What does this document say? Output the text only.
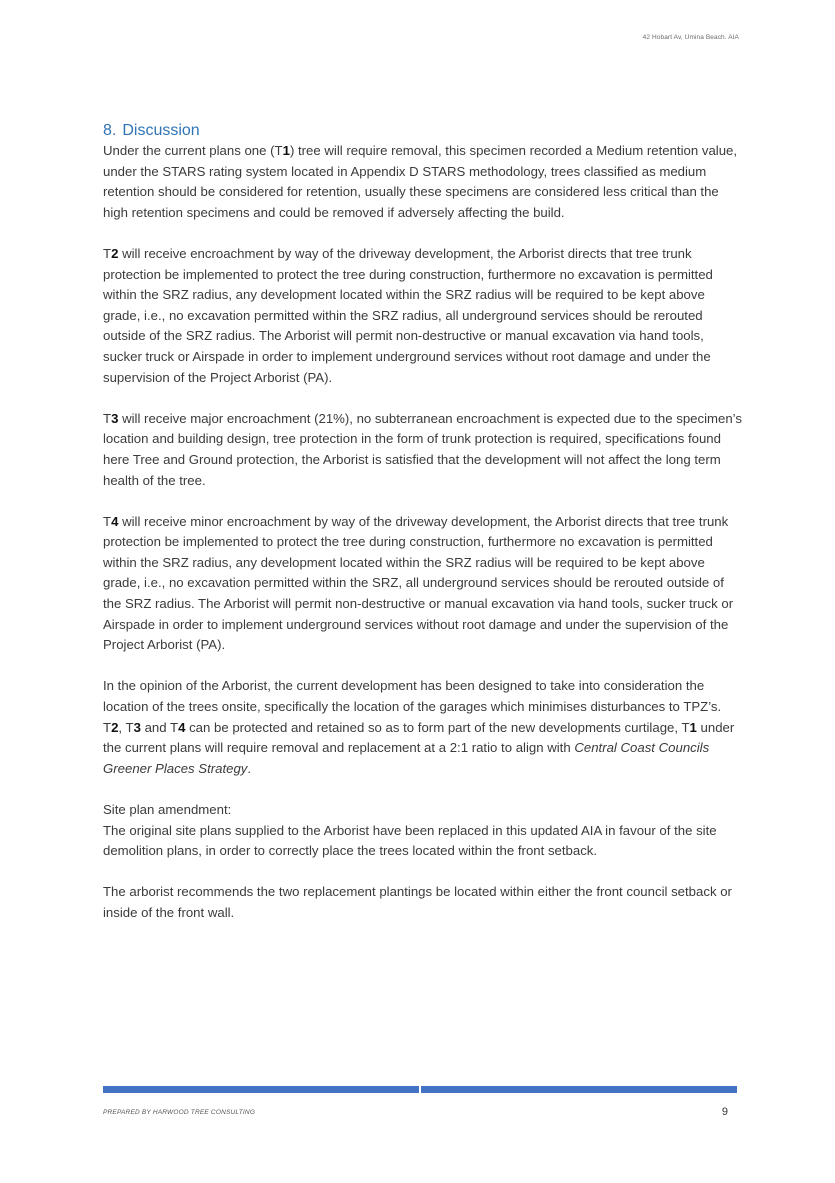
42 Hobart Av, Umina Beach. AIA
8. Discussion

Under the current plans one (T1) tree will require removal, this specimen recorded a Medium retention value, under the STARS rating system located in Appendix D STARS methodology, trees classified as medium retention should be considered for retention, usually these specimens are considered less critical than the high retention specimens and could be removed if adversely affecting the build.

T2 will receive encroachment by way of the driveway development, the Arborist directs that tree trunk protection be implemented to protect the tree during construction, furthermore no excavation is permitted within the SRZ radius, any development located within the SRZ radius will be required to be kept above grade, i.e., no excavation permitted within the SRZ radius, all underground services should be rerouted outside of the SRZ radius. The Arborist will permit non-destructive or manual excavation via hand tools, sucker truck or Airspade in order to implement underground services without root damage and under the supervision of the Project Arborist (PA).

T3 will receive major encroachment (21%), no subterranean encroachment is expected due to the specimen’s location and building design, tree protection in the form of trunk protection is required, specifications found here Tree and Ground protection, the Arborist is satisfied that the development will not affect the long term health of the tree.

T4 will receive minor encroachment by way of the driveway development, the Arborist directs that tree trunk protection be implemented to protect the tree during construction, furthermore no excavation is permitted within the SRZ radius, any development located within the SRZ radius will be required to be kept above grade, i.e., no excavation permitted within the SRZ, all underground services should be rerouted outside of the SRZ radius. The Arborist will permit non-destructive or manual excavation via hand tools, sucker truck or Airspade in order to implement underground services without root damage and under the supervision of the Project Arborist (PA).

In the opinion of the Arborist, the current development has been designed to take into consideration the location of the trees onsite, specifically the location of the garages which minimises disturbances to TPZ’s. T2, T3 and T4 can be protected and retained so as to form part of the new developments curtilage, T1 under the current plans will require removal and replacement at a 2:1 ratio to align with Central Coast Councils Greener Places Strategy.

Site plan amendment:

The original site plans supplied to the Arborist have been replaced in this updated AIA in favour of the site demolition plans, in order to correctly place the trees located within the front setback.

The arborist recommends the two replacement plantings be located within either the front council setback or inside of the front wall.

PREPARED BY HARWOOD TREE CONSULTING	9
